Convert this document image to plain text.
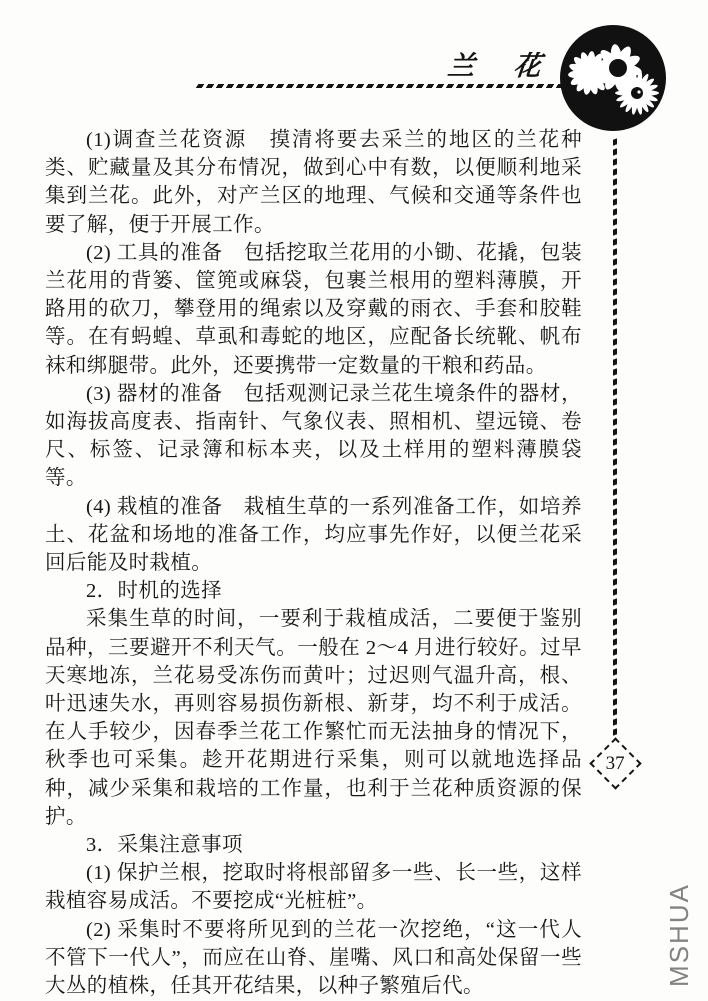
兰　花
37

(1)调查兰花资源　摸清将要去采兰的地区的兰花种类、贮藏量及其分布情况，做到心中有数，以便顺利地采集到兰花。此外，对产兰区的地理、气候和交通等条件也要了解，便于开展工作。

(2) 工具的准备　包括挖取兰花用的小锄、花撬，包装兰花用的背篓、筐篼或麻袋，包裹兰根用的塑料薄膜，开路用的砍刀，攀登用的绳索以及穿戴的雨衣、手套和胶鞋等。在有蚂蝗、草虱和毒蛇的地区，应配备长统靴、帆布袜和绑腿带。此外，还要携带一定数量的干粮和药品。

(3) 器材的准备　包括观测记录兰花生境条件的器材，如海拔高度表、指南针、气象仪表、照相机、望远镜、卷尺、标签、记录簿和标本夹，以及土样用的塑料薄膜袋等。

(4) 栽植的准备　栽植生草的一系列准备工作，如培养土、花盆和场地的准备工作，均应事先作好，以便兰花采回后能及时栽植。

2．时机的选择

采集生草的时间，一要利于栽植成活，二要便于鉴别品种，三要避开不利天气。一般在 2～4 月进行较好。过早天寒地冻，兰花易受冻伤而黄叶；过迟则气温升高，根、叶迅速失水，再则容易损伤新根、新芽，均不利于成活。在人手较少，因春季兰花工作繁忙而无法抽身的情况下，秋季也可采集。趁开花期进行采集，则可以就地选择品种，减少采集和栽培的工作量，也利于兰花种质资源的保护。

3．采集注意事项

(1) 保护兰根，挖取时将根部留多一些、长一些，这样栽植容易成活。不要挖成“光桩桩”。

(2) 采集时不要将所见到的兰花一次挖绝，“这一代人不管下一代人”，而应在山脊、崖嘴、风口和高处保留一些大丛的植株，任其开花结果，以种子繁殖后代。	MSHUA
